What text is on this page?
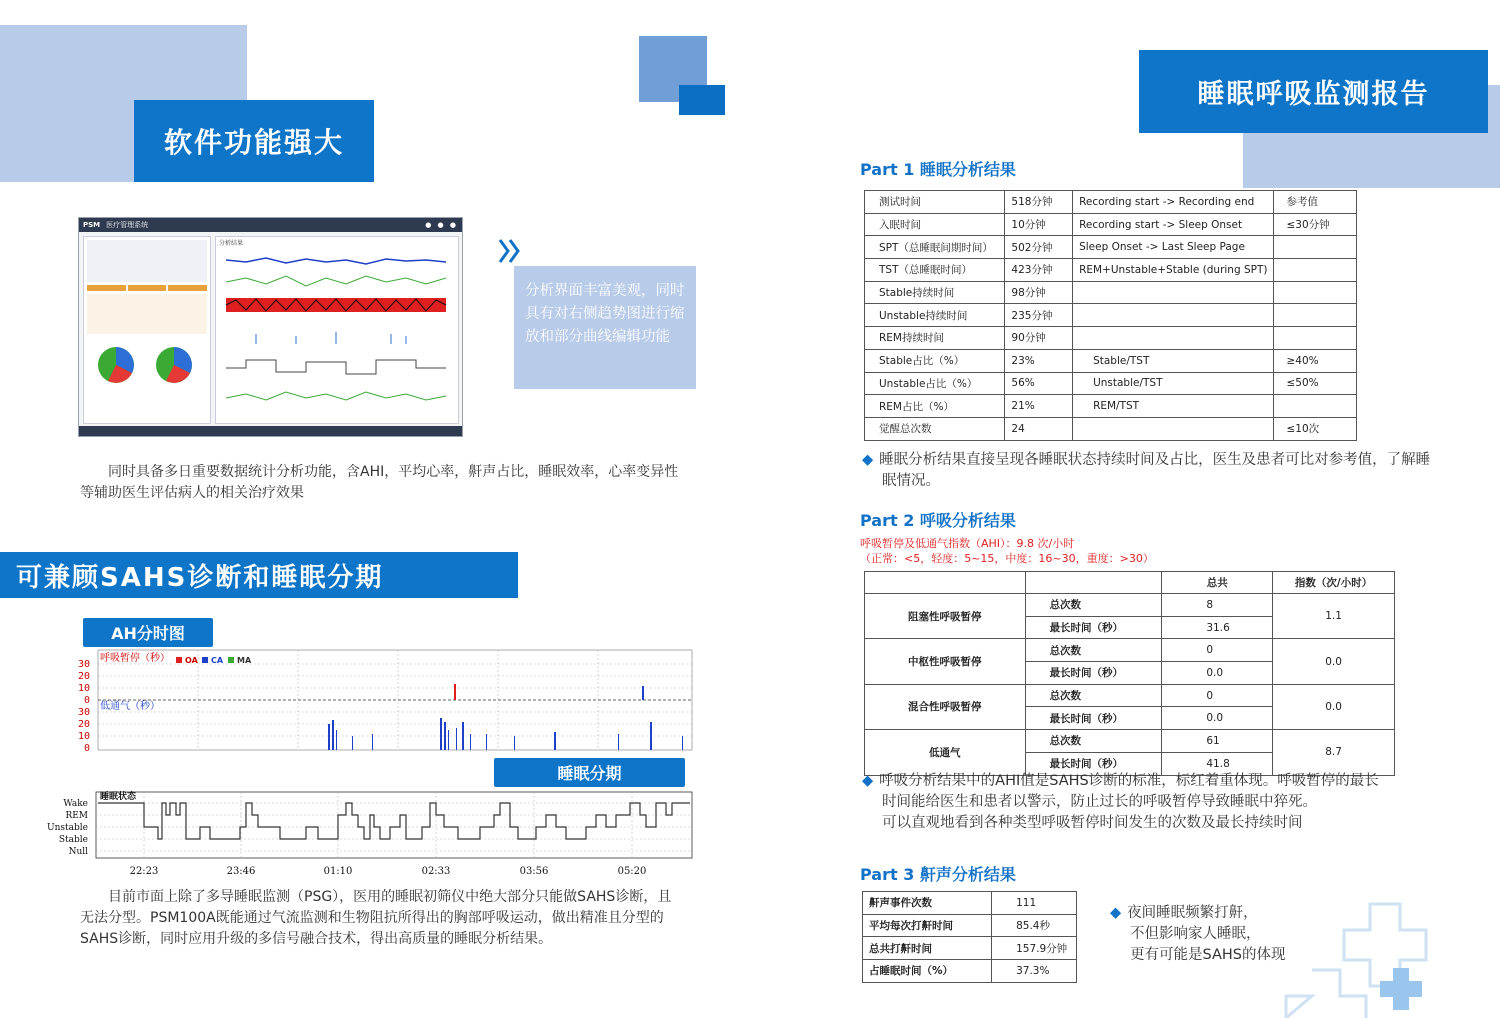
软件功能强大
PSM 医疗管理系统	● ● ●
分析结果
分析界面丰富美观，同时具有对右侧趋势图进行缩放和部分曲线编辑功能
同时具备多日重要数据统计分析功能，含AHI，平均心率，鼾声占比，睡眠效率，心率变异性等辅助医生评估病人的相关治疗效果
可兼顾SAHS诊断和睡眠分期
AH分时图
30
20
10
0
30
20
10
0
呼吸暂停（秒）
低通气（秒）
OA CA MA
睡眠分期
睡眠状态
Wake
REM
Unstable
Stable
Null
22:23	23:46	01:10	02:33	03:56	05:20
目前市面上除了多导睡眠监测（PSG），医用的睡眠初筛仪中绝大部分只能做SAHS诊断，且无法分型。PSM100A既能通过气流监测和生物阻抗所得出的胸部呼吸运动，做出精准且分型的SAHS诊断，同时应用升级的多信号融合技术，得出高质量的睡眠分析结果。
睡眠呼吸监测报告
Part 1 睡眠分析结果
测试时间	518分钟	Recording start -> Recording end	参考值
入眠时间	10分钟	Recording start -> Sleep Onset	≤30分钟
SPT（总睡眠间期时间）	502分钟	Sleep Onset -> Last Sleep Page	
TST（总睡眠时间）	423分钟	REM+Unstable+Stable (during SPT)	
Stable持续时间	98分钟		
Unstable持续时间	235分钟		
REM持续时间	90分钟		
Stable占比（%）	23%	Stable/TST	≥40%
Unstable占比（%）	56%	Unstable/TST	≤50%
REM占比（%）	21%	REM/TST	
觉醒总次数	24		≤10次
◆ 睡眠分析结果直接呈现各睡眠状态持续时间及占比，医生及患者可比对参考值，了解睡眠情况。
Part 2 呼吸分析结果
呼吸暂停及低通气指数（AHI）：9.8 次/小时
（正常：<5，轻度：5~15，中度：16~30，重度：>30）
		总共	指数（次/小时）
阻塞性呼吸暂停	总次数	8	1.1
	最长时间（秒）	31.6	
中枢性呼吸暂停	总次数	0	0.0
	最长时间（秒）	0.0	
混合性呼吸暂停	总次数	0	0.0
	最长时间（秒）	0.0	
低通气	总次数	61	8.7
	最长时间（秒）	41.8	
◆ 呼吸分析结果中的AHI值是SAHS诊断的标准，标红着重体现。呼吸暂停的最长
时间能给医生和患者以警示，防止过长的呼吸暂停导致睡眠中猝死。
可以直观地看到各种类型呼吸暂停时间发生的次数及最长持续时间
Part 3 鼾声分析结果
鼾声事件次数	111
平均每次打鼾时间	85.4秒
总共打鼾时间	157.9分钟
占睡眠时间（%）	37.3%
◆ 夜间睡眠频繁打鼾，
不但影响家人睡眠，
更有可能是SAHS的体现
